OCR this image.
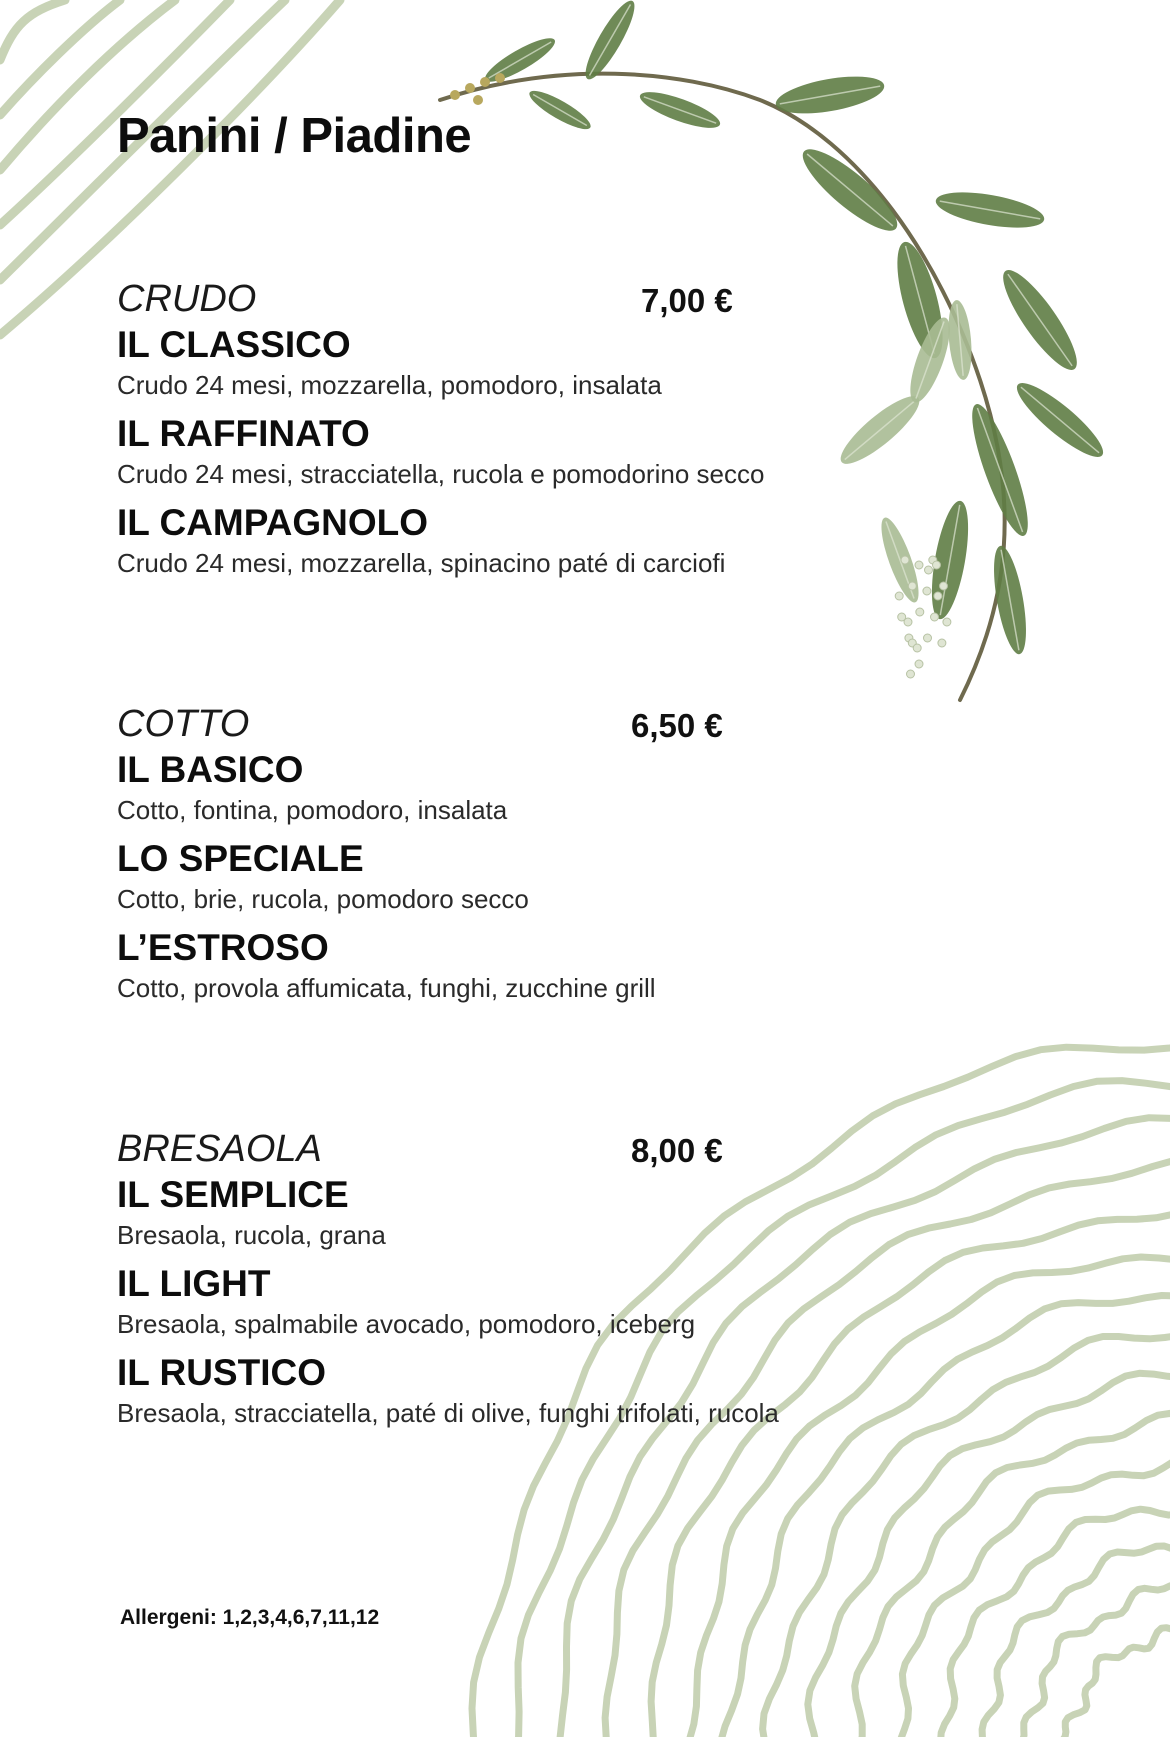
Panini / Piadine
CRUDO	7,00 €
IL CLASSICO
Crudo 24 mesi, mozzarella, pomodoro, insalata
IL RAFFINATO
Crudo 24 mesi, stracciatella, rucola e pomodorino secco
IL CAMPAGNOLO
Crudo 24 mesi, mozzarella, spinacino paté di carciofi
COTTO	6,50 €
IL BASICO
Cotto, fontina, pomodoro, insalata
LO SPECIALE
Cotto, brie, rucola, pomodoro secco
L’ESTROSO
Cotto, provola affumicata, funghi, zucchine grill
BRESAOLA	8,00 €
IL SEMPLICE
Bresaola, rucola, grana
IL LIGHT
Bresaola, spalmabile avocado, pomodoro, iceberg
IL RUSTICO
Bresaola, stracciatella, paté di olive, funghi trifolati, rucola
Allergeni: 1,2,3,4,6,7,11,12
